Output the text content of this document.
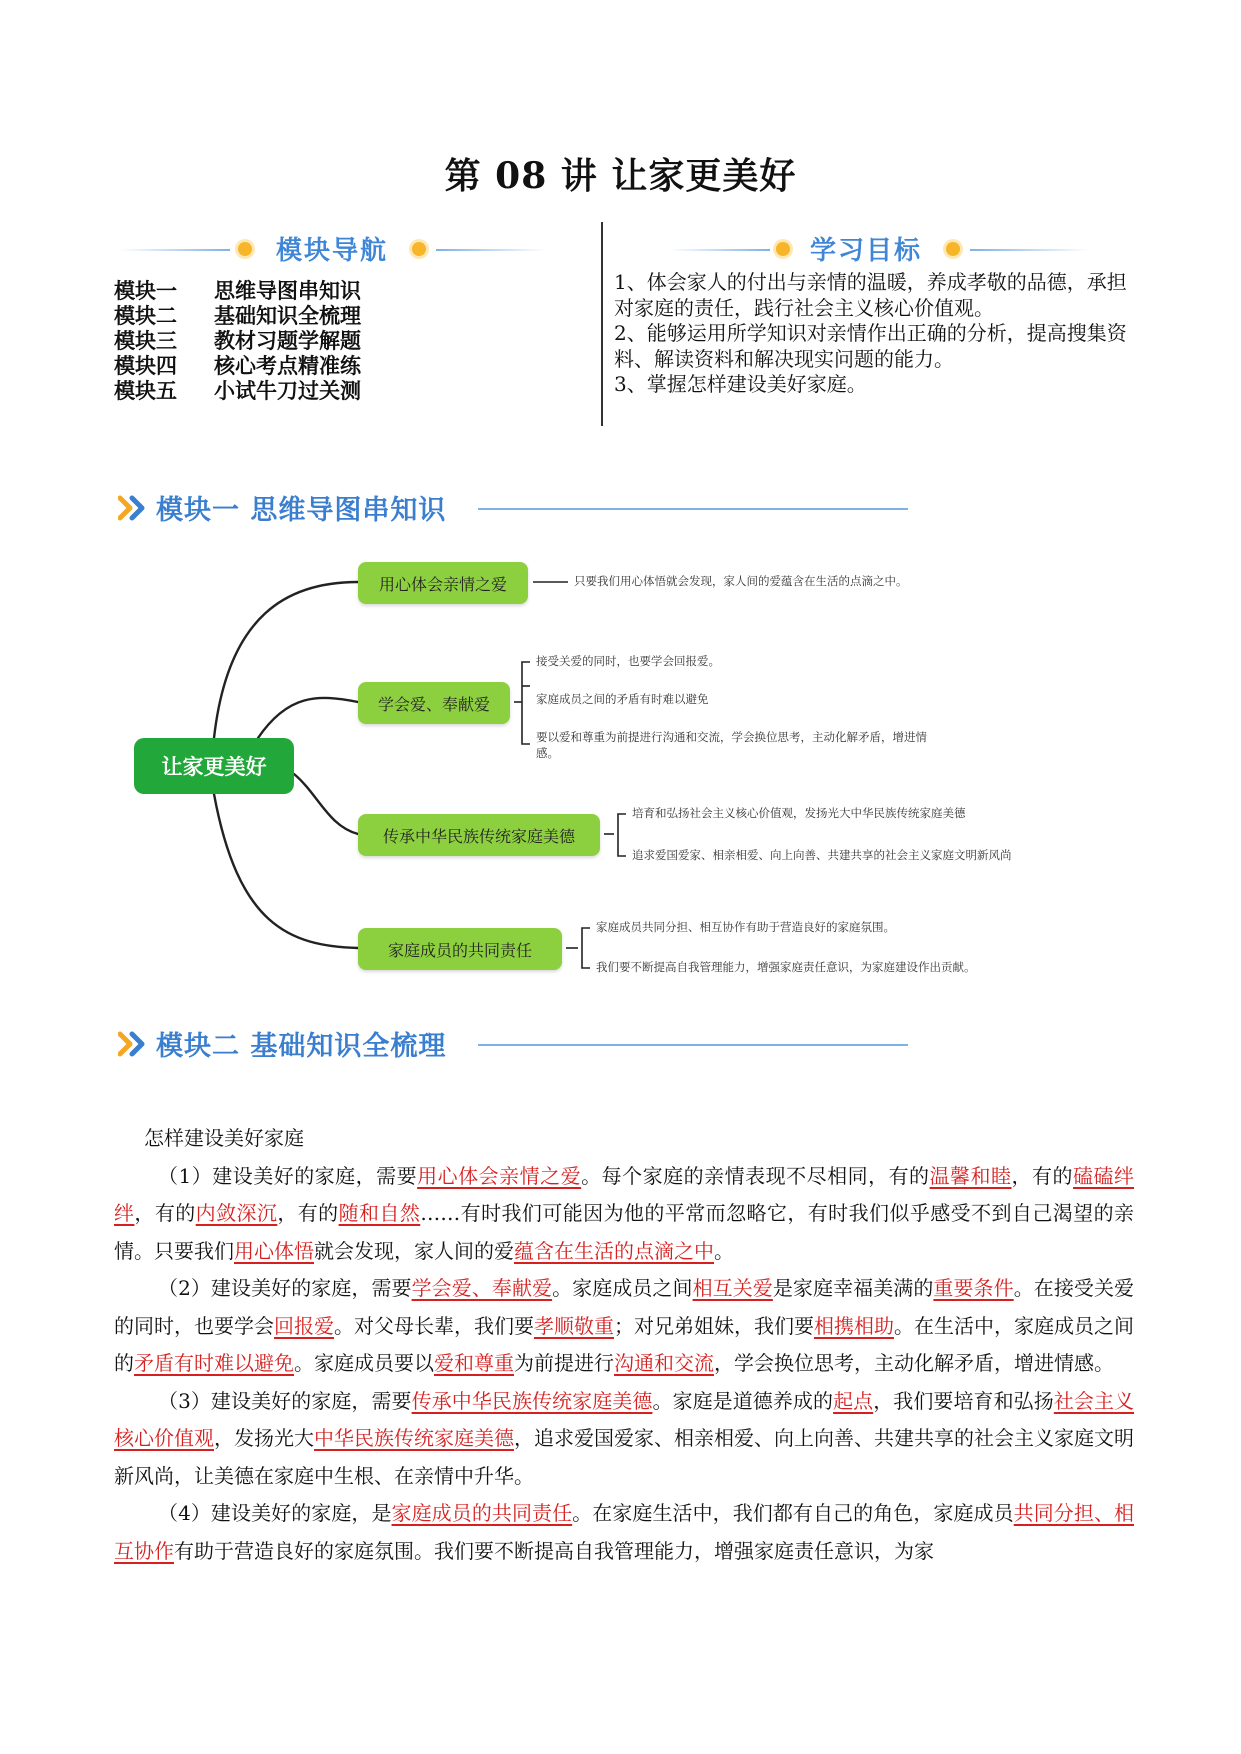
第 08 讲 让家更美好
模块导航	学习目标
模块一	思维导图串知识
模块二	基础知识全梳理
模块三	教材习题学解题
模块四	核心考点精准练
模块五	小试牛刀过关测

1、体会家人的付出与亲情的温暖，养成孝敬的品德，承担对家庭的责任，践行社会主义核心价值观。

2、能够运用所学知识对亲情作出正确的分析，提高搜集资料、解读资料和解决现实问题的能力。

3、掌握怎样建设美好家庭。

模块一 思维导图串知识
让家更美好
用心体会亲情之爱	只要我们用心体悟就会发现，家人间的爱蕴含在生活的点滴之中。
学会爱、奉献爱
接受关爱的同时，也要学会回报爱。
家庭成员之间的矛盾有时难以避免
要以爱和尊重为前提进行沟通和交流，学会换位思考，主动化解矛盾，增进情
感。
传承中华民族传统家庭美德
培育和弘扬社会主义核心价值观，发扬光大中华民族传统家庭美德
追求爱国爱家、相亲相爱、向上向善、共建共享的社会主义家庭文明新风尚
家庭成员的共同责任
家庭成员共同分担、相互协作有助于营造良好的家庭氛围。
我们要不断提高自我管理能力，增强家庭责任意识，为家庭建设作出贡献。
模块二 基础知识全梳理

怎样建设美好家庭

（1）建设美好的家庭，需要用心体会亲情之爱。每个家庭的亲情表现不尽相同，有的温馨和睦，有的磕磕绊绊，有的内敛深沉，有的随和自然……有时我们可能因为他的平常而忽略它，有时我们似乎感受不到自己渴望的亲情。只要我们用心体悟就会发现，家人间的爱蕴含在生活的点滴之中。

（2）建设美好的家庭，需要学会爱、奉献爱。家庭成员之间相互关爱是家庭幸福美满的重要条件。在接受关爱的同时，也要学会回报爱。对父母长辈，我们要孝顺敬重；对兄弟姐妹，我们要相携相助。在生活中，家庭成员之间的矛盾有时难以避免。家庭成员要以爱和尊重为前提进行沟通和交流，学会换位思考，主动化解矛盾，增进情感。

（3）建设美好的家庭，需要传承中华民族传统家庭美德。家庭是道德养成的起点，我们要培育和弘扬社会主义核心价值观，发扬光大中华民族传统家庭美德，追求爱国爱家、相亲相爱、向上向善、共建共享的社会主义家庭文明新风尚，让美德在家庭中生根、在亲情中升华。

（4）建设美好的家庭，是家庭成员的共同责任。在家庭生活中，我们都有自己的角色，家庭成员共同分担、相互协作有助于营造良好的家庭氛围。我们要不断提高自我管理能力，增强家庭责任意识，为家
